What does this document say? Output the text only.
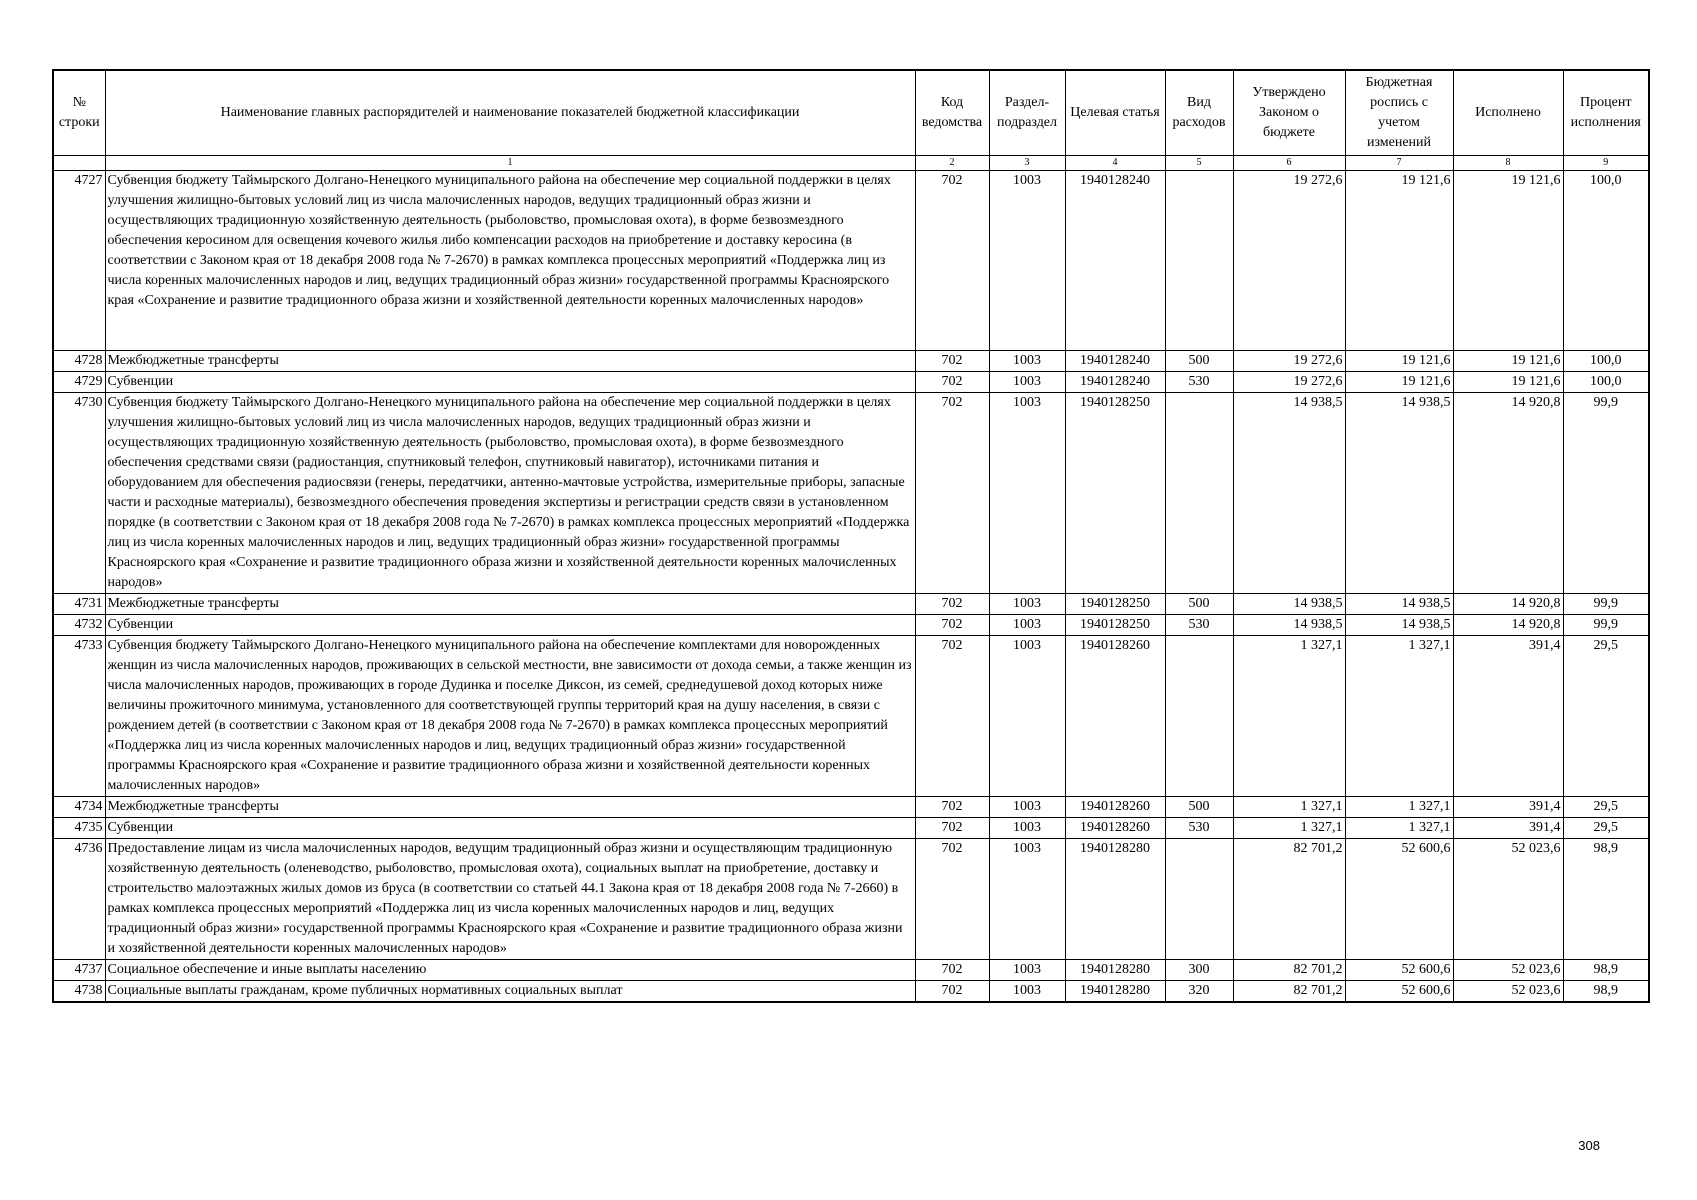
№ строки	Наименование главных распорядителей и наименование показателей бюджетной классификации	Код ведомства	Раздел-подраздел	Целевая статья	Вид расходов	Утверждено Законом о бюджете	Бюджетная роспись с учетом изменений	Исполнено	Процент исполнения
	1	2	3	4	5	6	7	8	9
4727	Субвенция бюджету Таймырского Долгано-Ненецкого муниципального района на обеспечение мер социальной поддержки в целях улучшения жилищно-бытовых условий лиц из числа малочисленных народов, ведущих традиционный образ жизни и осуществляющих традиционную хозяйственную деятельность (рыболовство, промысловая охота), в форме безвозмездного обеспечения керосином для освещения кочевого жилья либо компенсации расходов на приобретение и доставку керосина (в соответствии с Законом края от 18 декабря 2008 года № 7-2670) в рамках комплекса процессных мероприятий «Поддержка лиц из числа коренных малочисленных народов и лиц, ведущих традиционный образ жизни» государственной программы Красноярского края «Сохранение и развитие традиционного образа жизни и хозяйственной деятельности коренных малочисленных народов»	702	1003	1940128240		19 272,6	19 121,6	19 121,6	100,0
4728	Межбюджетные трансферты	702	1003	1940128240	500	19 272,6	19 121,6	19 121,6	100,0
4729	Субвенции	702	1003	1940128240	530	19 272,6	19 121,6	19 121,6	100,0
4730	Субвенция бюджету Таймырского Долгано-Ненецкого муниципального района на обеспечение мер социальной поддержки в целях улучшения жилищно-бытовых условий лиц из числа малочисленных народов, ведущих традиционный образ жизни и осуществляющих традиционную хозяйственную деятельность (рыболовство, промысловая охота), в форме безвозмездного обеспечения средствами связи (радиостанция, спутниковый телефон, спутниковый навигатор), источниками питания и оборудованием для обеспечения радиосвязи (генеры, передатчики, антенно-мачтовые устройства, измерительные приборы, запасные части и расходные материалы), безвозмездного обеспечения проведения экспертизы и регистрации средств связи в установленном порядке (в соответствии с Законом края от 18 декабря 2008 года № 7-2670) в рамках комплекса процессных мероприятий «Поддержка лиц из числа коренных малочисленных народов и лиц, ведущих традиционный образ жизни» государственной программы Красноярского края «Сохранение и развитие традиционного образа жизни и хозяйственной деятельности коренных малочисленных народов»	702	1003	1940128250		14 938,5	14 938,5	14 920,8	99,9
4731	Межбюджетные трансферты	702	1003	1940128250	500	14 938,5	14 938,5	14 920,8	99,9
4732	Субвенции	702	1003	1940128250	530	14 938,5	14 938,5	14 920,8	99,9
4733	Субвенция бюджету Таймырского Долгано-Ненецкого муниципального района на обеспечение комплектами для новорожденных женщин из числа малочисленных народов, проживающих в сельской местности, вне зависимости от дохода семьи, а также женщин из числа малочисленных народов, проживающих в городе Дудинка и поселке Диксон, из семей, среднедушевой доход которых ниже величины прожиточного минимума, установленного для соответствующей группы территорий края на душу населения, в связи с рождением детей (в соответствии с Законом края от 18 декабря 2008 года № 7-2670) в рамках комплекса процессных мероприятий «Поддержка лиц из числа коренных малочисленных народов и лиц, ведущих традиционный образ жизни» государственной программы Красноярского края «Сохранение и развитие традиционного образа жизни и хозяйственной деятельности коренных малочисленных народов»	702	1003	1940128260		1 327,1	1 327,1	391,4	29,5
4734	Межбюджетные трансферты	702	1003	1940128260	500	1 327,1	1 327,1	391,4	29,5
4735	Субвенции	702	1003	1940128260	530	1 327,1	1 327,1	391,4	29,5
4736	Предоставление лицам из числа малочисленных народов, ведущим традиционный образ жизни и осуществляющим традиционную хозяйственную деятельность (оленеводство, рыболовство, промысловая охота), социальных выплат на приобретение, доставку и строительство малоэтажных жилых домов из бруса (в соответствии со статьей 44.1 Закона края от 18 декабря 2008 года № 7-2660) в рамках комплекса процессных мероприятий «Поддержка лиц из числа коренных малочисленных народов и лиц, ведущих традиционный образ жизни» государственной программы Красноярского края «Сохранение и развитие традиционного образа жизни и хозяйственной деятельности коренных малочисленных народов»	702	1003	1940128280		82 701,2	52 600,6	52 023,6	98,9
4737	Социальное обеспечение и иные выплаты населению	702	1003	1940128280	300	82 701,2	52 600,6	52 023,6	98,9
4738	Социальные выплаты гражданам, кроме публичных нормативных социальных выплат	702	1003	1940128280	320	82 701,2	52 600,6	52 023,6	98,9
308
